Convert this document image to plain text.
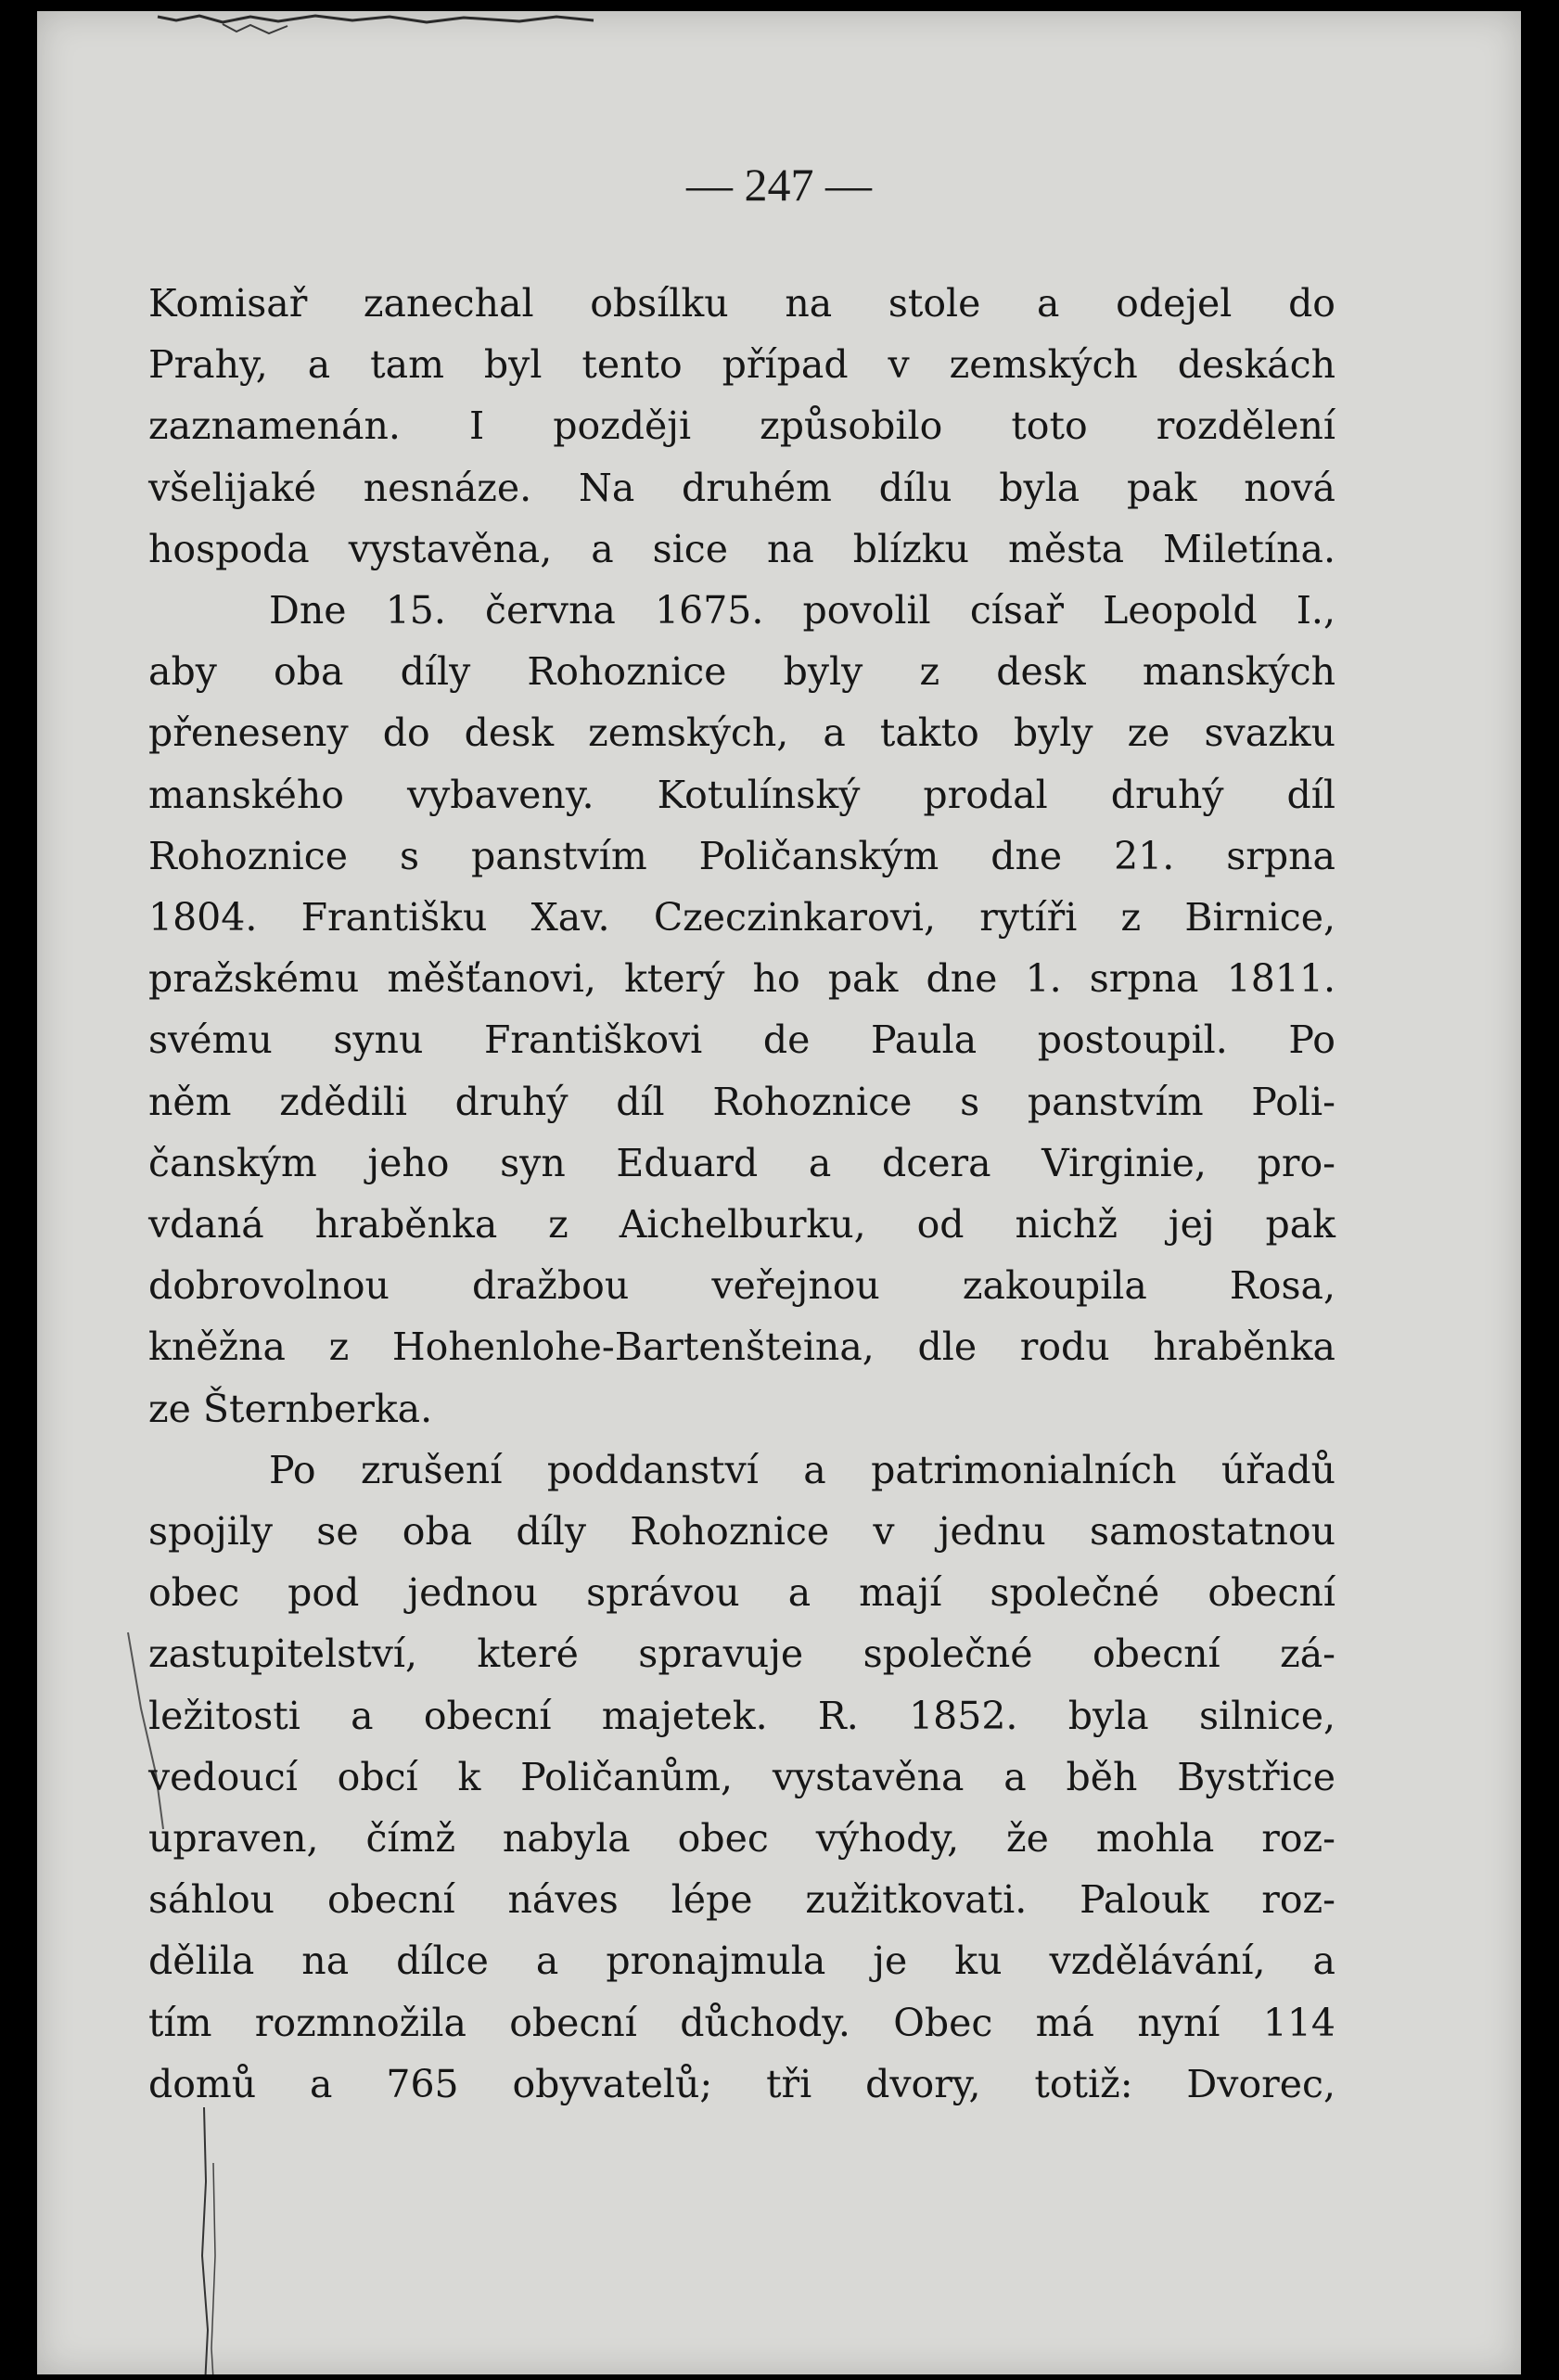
— 247 —
Komisař zanechal obsílku na stole a odejel do
Prahy, a tam byl tento případ v zemských deskách
zaznamenán. I později způsobilo toto rozdělení
všelijaké nesnáze. Na druhém dílu byla pak nová
hospoda vystavěna, a sice na blízku města Miletína.
Dne 15. června 1675. povolil císař Leopold I.,
aby oba díly Rohoznice byly z desk manských
přeneseny do desk zemských, a takto byly ze svazku
manského vybaveny. Kotulínský prodal druhý díl
Rohoznice s panstvím Poličanským dne 21. srpna
1804. Františku Xav. Czeczinkarovi, rytíři z Birnice,
pražskému měšťanovi, který ho pak dne 1. srpna 1811.
svému synu Františkovi de Paula postoupil. Po
něm zdědili druhý díl Rohoznice s panstvím Poli-
čanským jeho syn Eduard a dcera Virginie, pro-
vdaná hraběnka z Aichelburku, od nichž jej pak
dobrovolnou dražbou veřejnou zakoupila Rosa,
kněžna z Hohenlohe-Bartenšteina, dle rodu hraběnka
ze Šternberka.
Po zrušení poddanství a patrimonialních úřadů
spojily se oba díly Rohoznice v jednu samostatnou
obec pod jednou správou a mají společné obecní
zastupitelství, které spravuje společné obecní zá-
ležitosti a obecní majetek. R. 1852. byla silnice,
vedoucí obcí k Poličanům, vystavěna a běh Bystřice
upraven, čímž nabyla obec výhody, že mohla roz-
sáhlou obecní náves lépe zužitkovati. Palouk roz-
dělila na dílce a pronajmula je ku vzdělávání, a
tím rozmnožila obecní důchody. Obec má nyní 114
domů a 765 obyvatelů; tři dvory, totiž: Dvorec,
